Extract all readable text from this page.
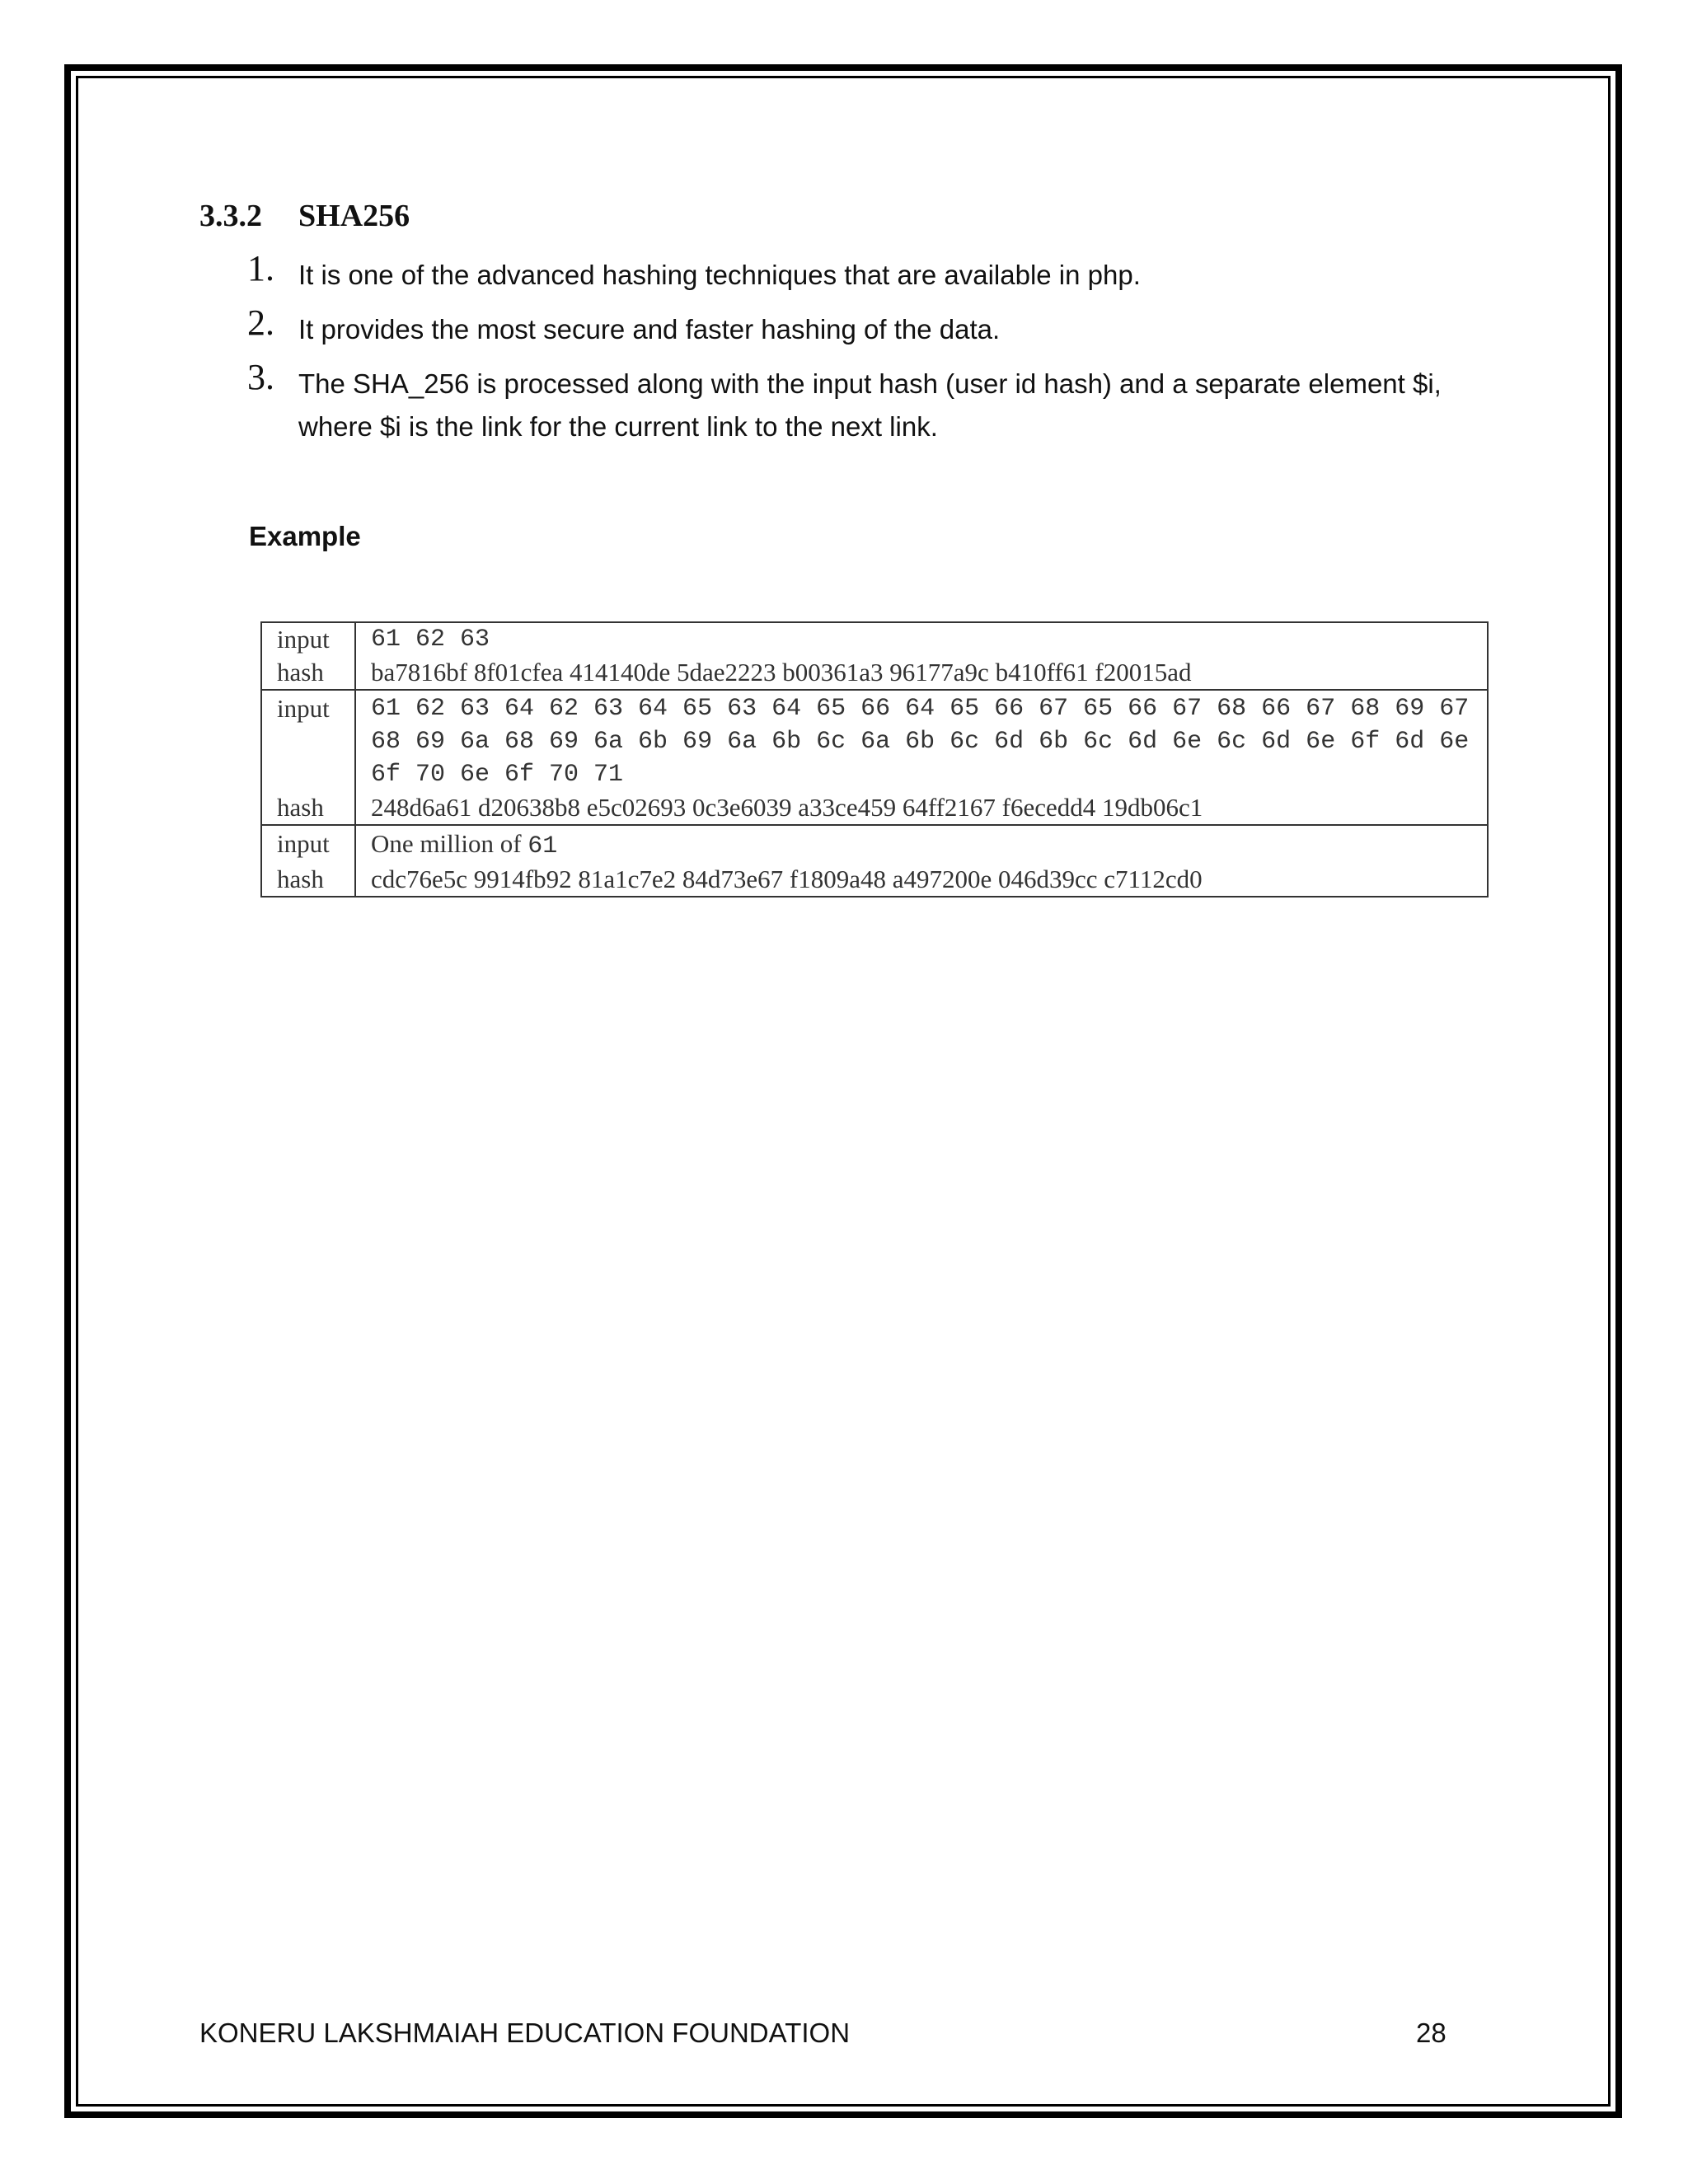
3.3.2 SHA256
1. It is one of the advanced hashing techniques that are available in php.
2. It provides the most secure and faster hashing of the data.
3. The SHA_256 is processed along with the input hash (user id hash) and a separate element $i, where $i is the link for the current link to the next link.
Example
input	61 62 63
hash	ba7816bf 8f01cfea 414140de 5dae2223 b00361a3 96177a9c b410ff61 f20015ad
input	61 62 63 64 62 63 64 65 63 64 65 66 64 65 66 67 65 66 67 68 66 67 68 69 67
	68 69 6a 68 69 6a 6b 69 6a 6b 6c 6a 6b 6c 6d 6b 6c 6d 6e 6c 6d 6e 6f 6d 6e
	6f 70 6e 6f 70 71
hash	248d6a61 d20638b8 e5c02693 0c3e6039 a33ce459 64ff2167 f6ecedd4 19db06c1
input	One million of 61
hash	cdc76e5c 9914fb92 81a1c7e2 84d73e67 f1809a48 a497200e 046d39cc c7112cd0
KONERU LAKSHMAIAH EDUCATION FOUNDATION	28
